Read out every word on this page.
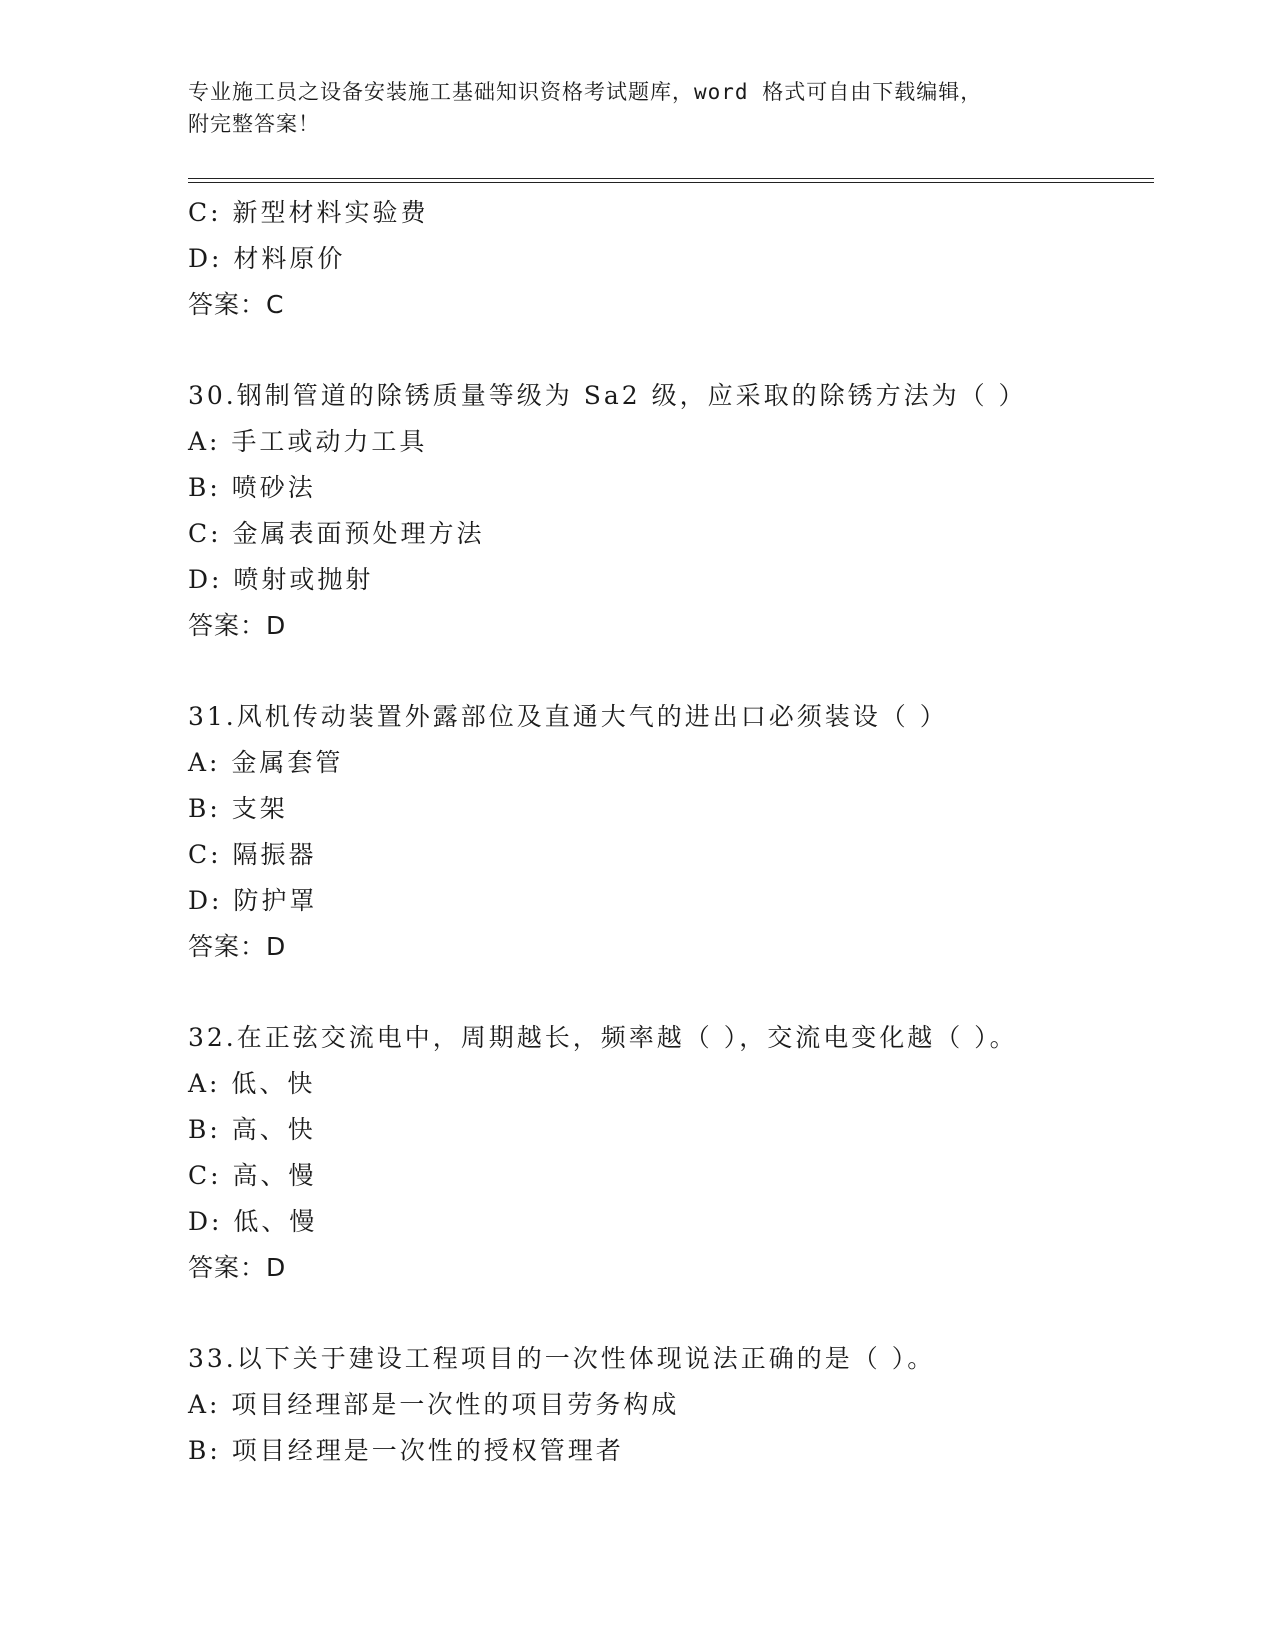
专业施工员之设备安装施工基础知识资格考试题库，word 格式可自由下载编辑，
附完整答案！
C: 新型材料实验费
D: 材料原价
答案：C
30.钢制管道的除锈质量等级为 Sa2 级，应采取的除锈方法为（ ）
A: 手工或动力工具
B: 喷砂法
C: 金属表面预处理方法
D: 喷射或抛射
答案：D
31.风机传动装置外露部位及直通大气的进出口必须装设（ ）
A: 金属套管
B: 支架
C: 隔振器
D: 防护罩
答案：D
32.在正弦交流电中，周期越长，频率越（ ），交流电变化越（ ）。
A: 低、快
B: 高、快
C: 高、慢
D: 低、慢
答案：D
33.以下关于建设工程项目的一次性体现说法正确的是（ ）。
A: 项目经理部是一次性的项目劳务构成
B: 项目经理是一次性的授权管理者
